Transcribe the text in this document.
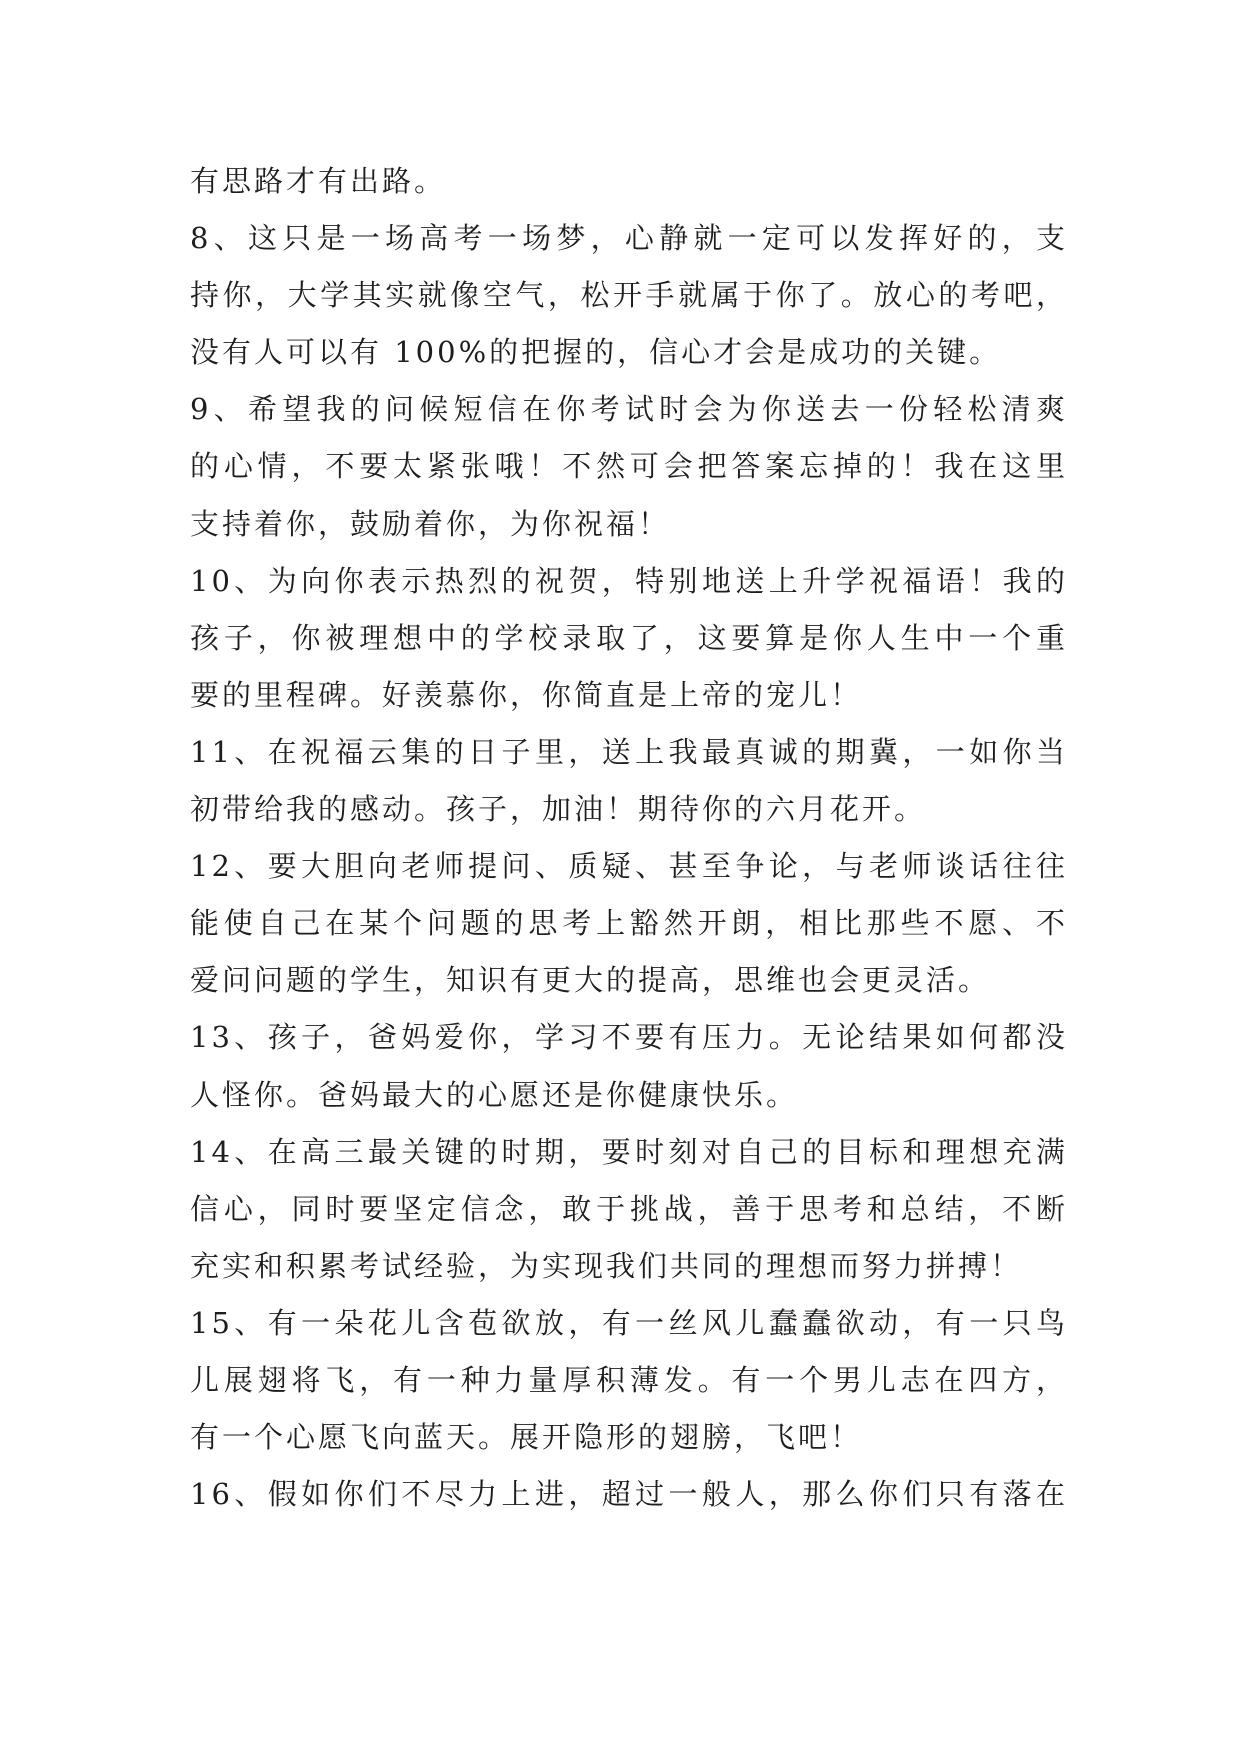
有思路才有出路。
8、这只是一场高考一场梦，心静就一定可以发挥好的，支
持你，大学其实就像空气，松开手就属于你了。放心的考吧，
没有人可以有 100%的把握的，信心才会是成功的关键。
9、希望我的问候短信在你考试时会为你送去一份轻松清爽
的心情，不要太紧张哦！不然可会把答案忘掉的！我在这里
支持着你，鼓励着你，为你祝福！
10、为向你表示热烈的祝贺，特别地送上升学祝福语！我的
孩子，你被理想中的学校录取了，这要算是你人生中一个重
要的里程碑。好羡慕你，你简直是上帝的宠儿！
11、在祝福云集的日子里，送上我最真诚的期冀，一如你当
初带给我的感动。孩子，加油！期待你的六月花开。
12、要大胆向老师提问、质疑、甚至争论，与老师谈话往往
能使自己在某个问题的思考上豁然开朗，相比那些不愿、不
爱问问题的学生，知识有更大的提高，思维也会更灵活。
13、孩子，爸妈爱你，学习不要有压力。无论结果如何都没
人怪你。爸妈最大的心愿还是你健康快乐。
14、在高三最关键的时期，要时刻对自己的目标和理想充满
信心，同时要坚定信念，敢于挑战，善于思考和总结，不断
充实和积累考试经验，为实现我们共同的理想而努力拼搏！
15、有一朵花儿含苞欲放，有一丝风儿蠢蠢欲动，有一只鸟
儿展翅将飞，有一种力量厚积薄发。有一个男儿志在四方，
有一个心愿飞向蓝天。展开隐形的翅膀，飞吧！
16、假如你们不尽力上进，超过一般人，那么你们只有落在
